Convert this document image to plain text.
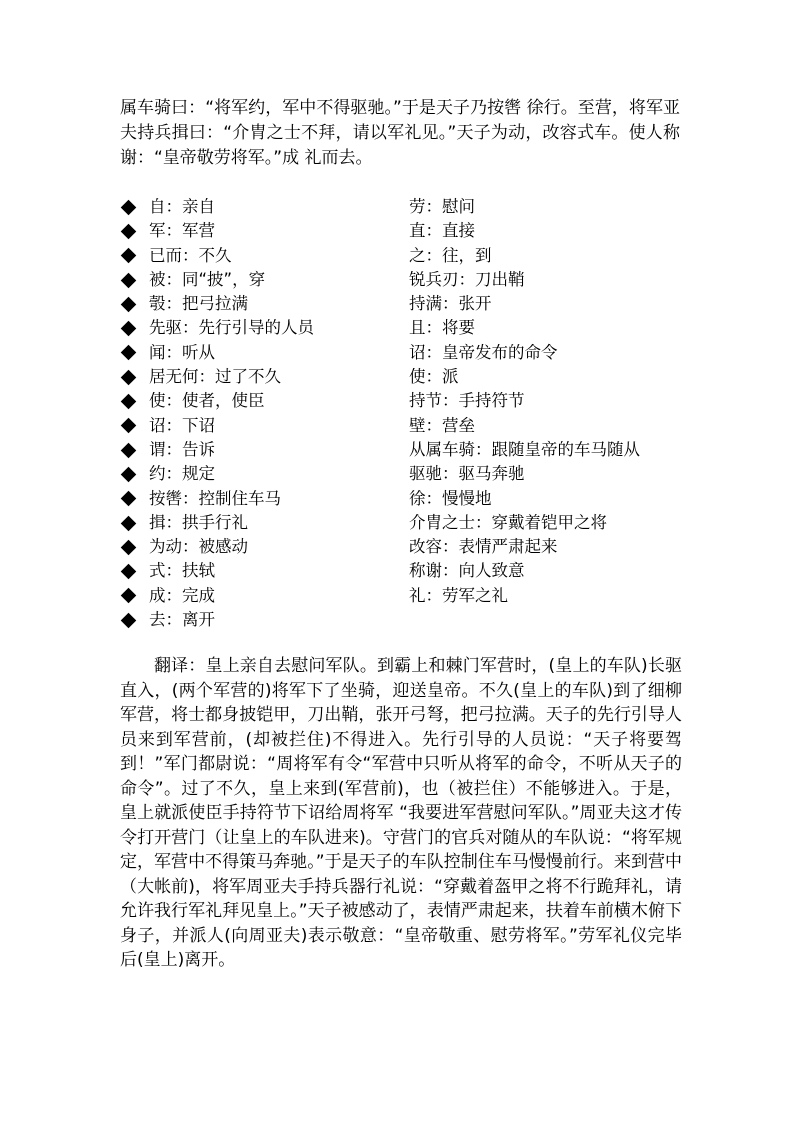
属车骑曰：“将军约，军中不得驱驰。”于是天子乃按辔 徐行。至营，将军亚夫持兵揖曰：“介胄之士不拜，请以军礼见。”天子为动，改容式车。使人称谢：“皇帝敬劳将军。”成 礼而去。

自：亲自
军：军营
已而：不久
被：同“披”，穿
彀：把弓拉满
先驱：先行引导的人员
闻：听从
居无何：过了不久
使：使者，使臣
诏：下诏
谓：告诉
约：规定
按辔：控制住车马
揖：拱手行礼
为动：被感动
式：扶轼
成：完成
去：离开
劳：慰问
直：直接
之：往，到
锐兵刃：刀出鞘
持满：张开
且：将要
诏：皇帝发布的命令
使：派
持节：手持符节
壁：营垒
从属车骑：跟随皇帝的车马随从
驱驰：驱马奔驰
徐：慢慢地
介胄之士：穿戴着铠甲之将
改容：表情严肃起来
称谢：向人致意
礼：劳军之礼

翻译：皇上亲自去慰问军队。到霸上和棘门军营时，(皇上的车队)长驱直入，(两个军营的)将军下了坐骑，迎送皇帝。不久(皇上的车队)到了细柳军营，将士都身披铠甲，刀出鞘，张开弓弩，把弓拉满。天子的先行引导人员来到军营前，(却被拦住)不得进入。先行引导的人员说：“天子将要驾到！”军门都尉说：“周将军有令“军营中只听从将军的命令，不听从天子的命令”。过了不久，皇上来到(军营前)，也（被拦住）不能够进入。于是，皇上就派使臣手持符节下诏给周将军 “我要进军营慰问军队。”周亚夫这才传令打开营门（让皇上的车队进来)。守营门的官兵对随从的车队说：“将军规定，军营中不得策马奔驰。”于是天子的车队控制住车马慢慢前行。来到营中（大帐前)，将军周亚夫手持兵器行礼说：“穿戴着盔甲之将不行跪拜礼，请允许我行军礼拜见皇上。”天子被感动了，表情严肃起来，扶着车前横木俯下身子，并派人(向周亚夫)表示敬意：“皇帝敬重、慰劳将军。”劳军礼仪完毕后(皇上)离开。
